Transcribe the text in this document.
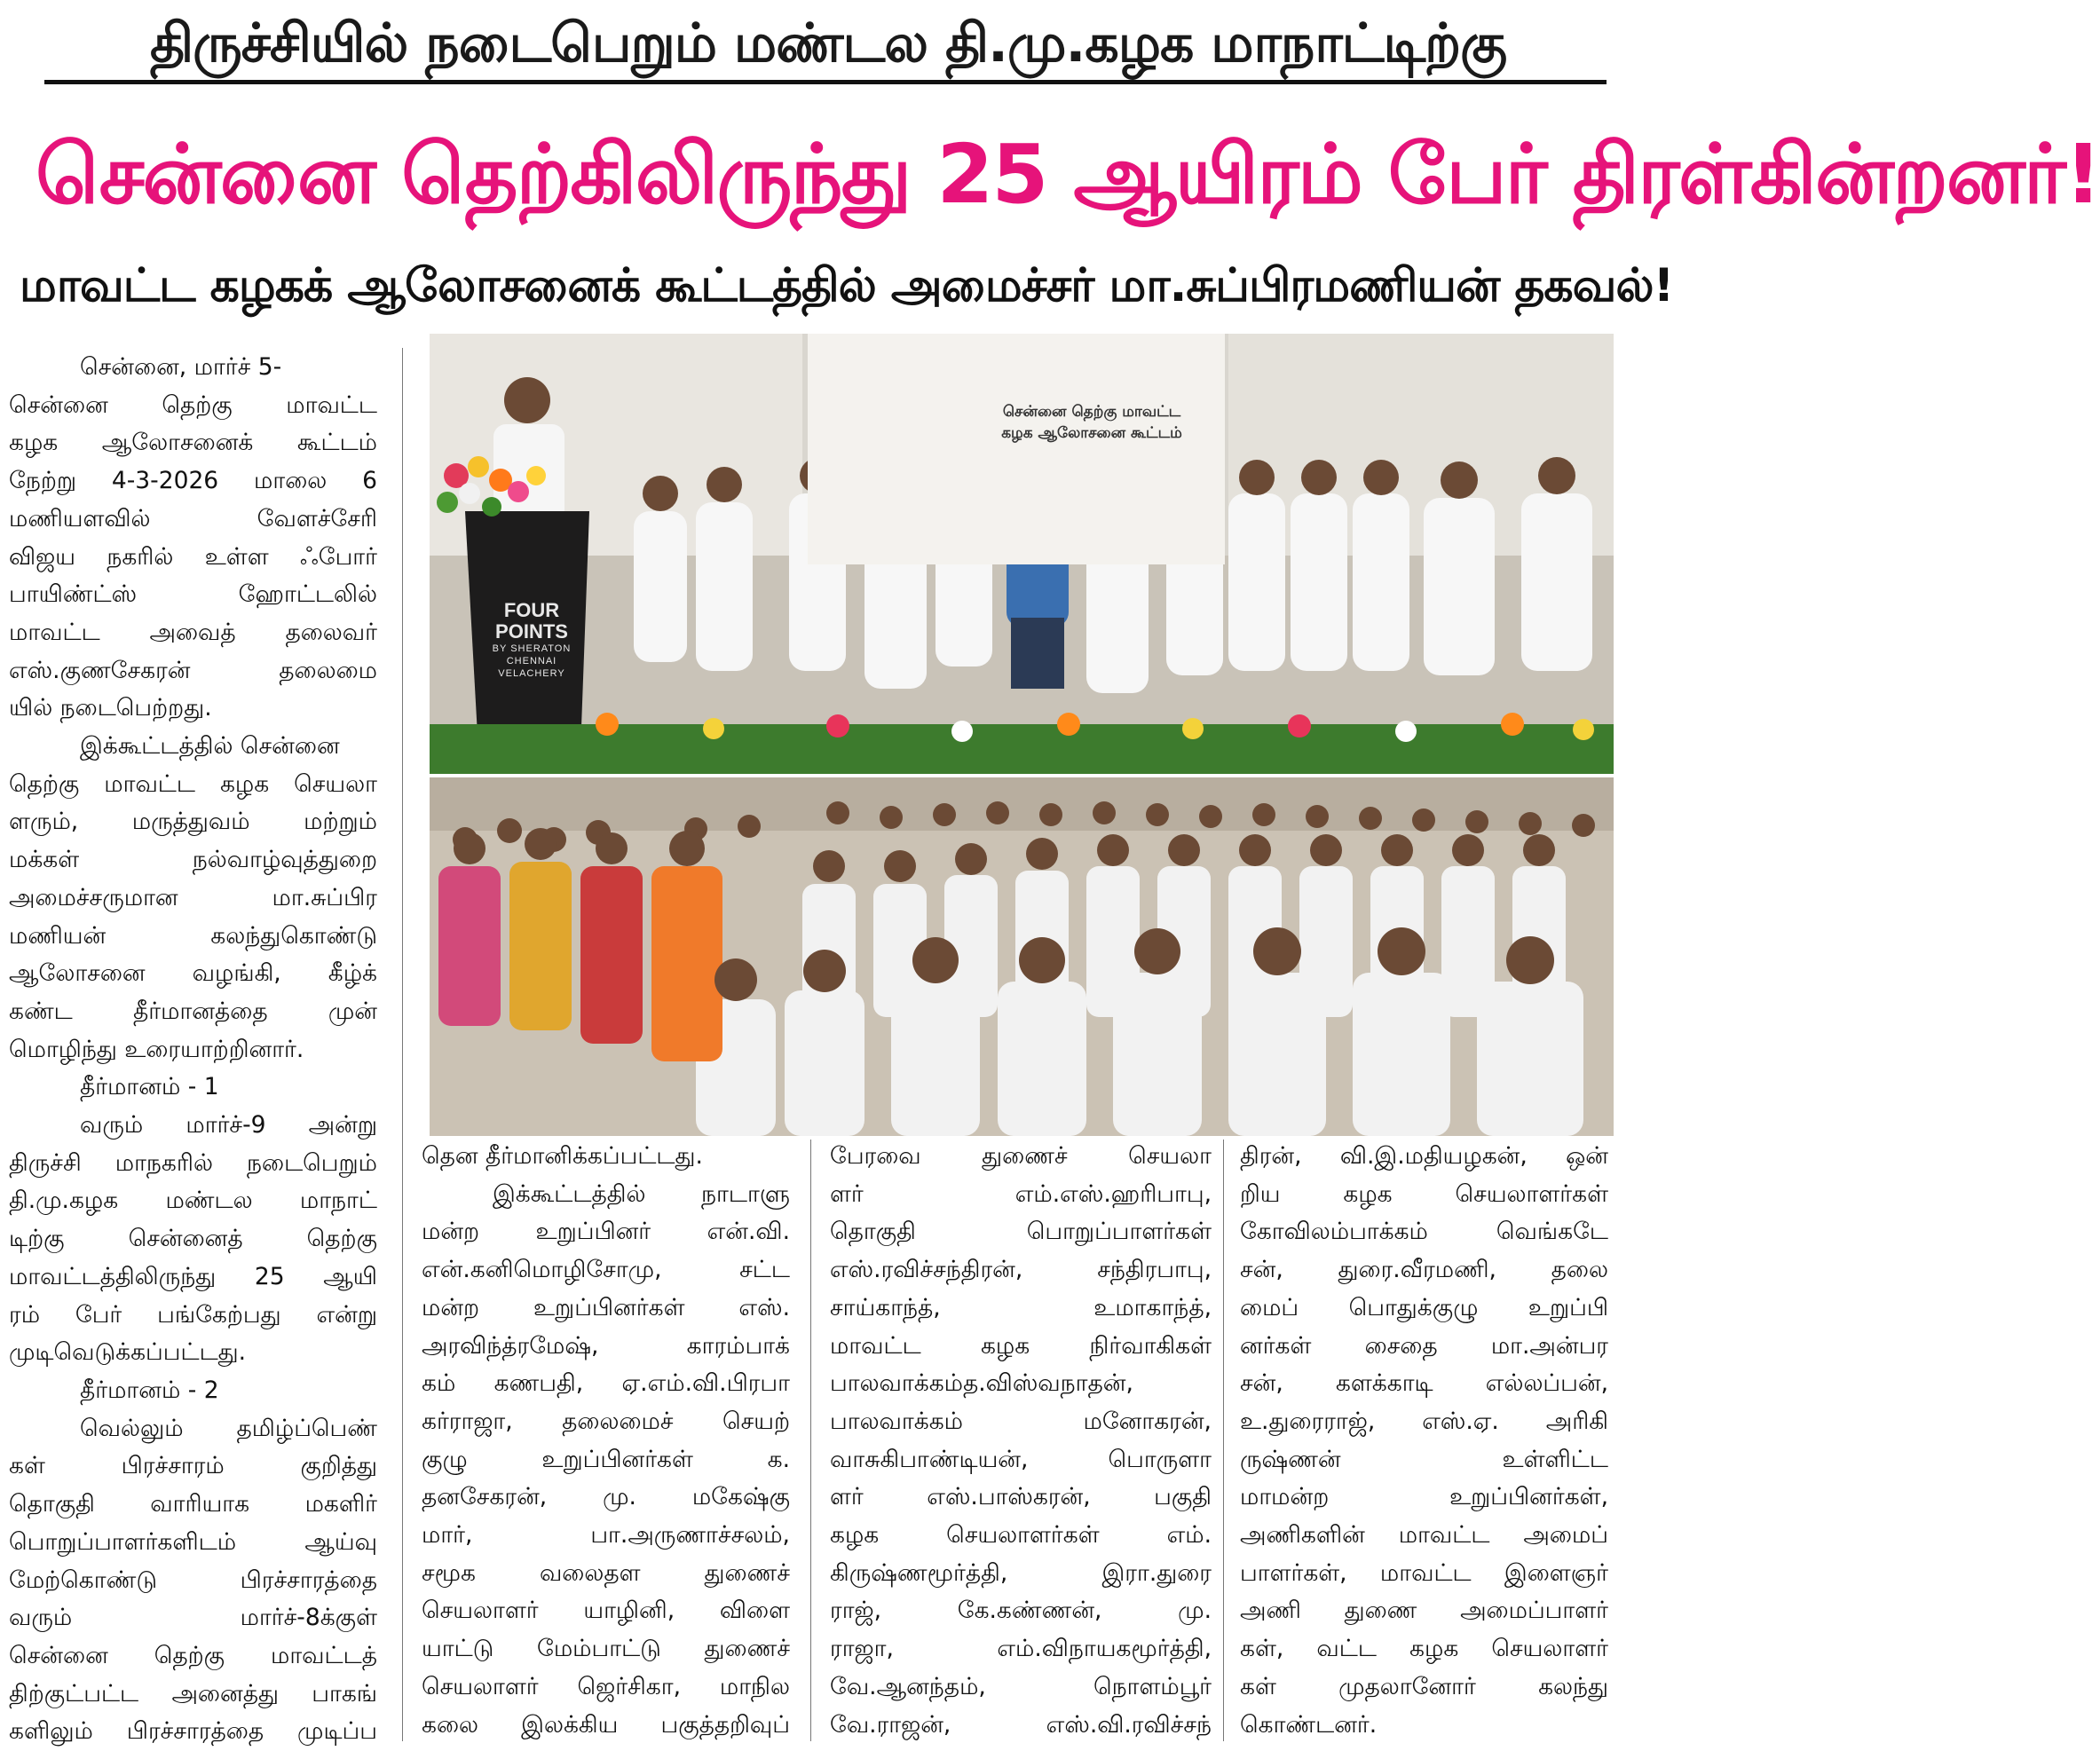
திருச்சியில் நடைபெறும் மண்டல தி.மு.கழக மாநாட்டிற்கு
சென்னை தெற்கிலிருந்து 25 ஆயிரம் பேர் திரள்கின்றனர்!
மாவட்ட கழகக் ஆலோசனைக் கூட்டத்தில் அமைச்சர் மா.சுப்பிரமணியன் தகவல்!
சென்னை தெற்கு மாவட்ட
கழக ஆலோசனை கூட்டம்
FOUR
POINTS
BY SHERATON
CHENNAI VELACHERY

சென்னை, மார்ச் 5-

சென்னை தெற்கு மாவட்ட

கழக ஆலோசனைக் கூட்டம்

நேற்று 4-3-2026 மாலை 6

மணியளவில் வேளச்சேரி

விஜய நகரில் உள்ள ஃபோர்

பாயிண்ட்ஸ் ஹோட்டலில்

மாவட்ட அவைத் தலைவர்

எஸ்.குணசேகரன் தலைமை

யில் நடைபெற்றது.

இக்கூட்டத்தில் சென்னை

தெற்கு மாவட்ட கழக செயலா

ளரும், மருத்துவம் மற்றும்

மக்கள் நல்வாழ்வுத்துறை

அமைச்சருமான மா.சுப்பிர

மணியன் கலந்துகொண்டு

ஆலோசனை வழங்கி, கீழ்க்

கண்ட தீர்மானத்தை முன்

மொழிந்து உரையாற்றினார்.

தீர்மானம் - 1

வரும் மார்ச்-9 அன்று

திருச்சி மாநகரில் நடைபெறும்

தி.மு.கழக மண்டல மாநாட்

டிற்கு சென்னைத் தெற்கு

மாவட்டத்திலிருந்து 25 ஆயி

ரம் பேர் பங்கேற்பது என்று

முடிவெடுக்கப்பட்டது.

தீர்மானம் - 2

வெல்லும் தமிழ்ப்பெண்

கள் பிரச்சாரம் குறித்து

தொகுதி வாரியாக மகளிர்

பொறுப்பாளர்களிடம் ஆய்வு

மேற்கொண்டு பிரச்சாரத்தை

வரும் மார்ச்-8க்குள்

சென்னை தெற்கு மாவட்டத்

திற்குட்பட்ட அனைத்து பாகங்

களிலும் பிரச்சாரத்தை முடிப்ப

தென தீர்மானிக்கப்பட்டது.

இக்கூட்டத்தில் நாடாளு

மன்ற உறுப்பினர் என்.வி.

என்.கனிமொழிசோமு, சட்ட

மன்ற உறுப்பினர்கள் எஸ்.

அரவிந்த்ரமேஷ், காரம்பாக்

கம் கணபதி, ஏ.எம்.வி.பிரபா

கர்ராஜா, தலைமைச் செயற்

குழு உறுப்பினர்கள் க.

தனசேகரன், மு. மகேஷ்கு

மார், பா.அருணாச்சலம்,

சமூக வலைதள துணைச்

செயலாளர் யாழினி, விளை

யாட்டு மேம்பாட்டு துணைச்

செயலாளர் ஜெர்சிகா, மாநில

கலை இலக்கிய பகுத்தறிவுப்

பேரவை துணைச் செயலா

ளர் எம்.எஸ்.ஹரிபாபு,

தொகுதி பொறுப்பாளர்கள்

எஸ்.ரவிச்சந்திரன், சந்திரபாபு,

சாய்காந்த், உமாகாந்த்,

மாவட்ட கழக நிர்வாகிகள்

பாலவாக்கம்த.விஸ்வநாதன்,

பாலவாக்கம் மனோகரன்,

வாசுகிபாண்டியன், பொருளா

ளர் எஸ்.பாஸ்கரன், பகுதி

கழக செயலாளர்கள் எம்.

கிருஷ்ணமூர்த்தி, இரா.துரை

ராஜ், கே.கண்ணன், மு.

ராஜா, எம்.விநாயகமூர்த்தி,

வே.ஆனந்தம், நொளம்பூர்

வே.ராஜன், எஸ்.வி.ரவிச்சந்

திரன், வி.இ.மதியழகன், ஒன்

றிய கழக செயலாளர்கள்

கோவிலம்பாக்கம் வெங்கடே

சன், துரை.வீரமணி, தலை

மைப் பொதுக்குழு உறுப்பி

னர்கள் சைதை மா.அன்பர

சன், களக்காடி எல்லப்பன்,

உ.துரைராஜ், எஸ்.ஏ. அரிகி

ருஷ்ணன் உள்ளிட்ட

மாமன்ற உறுப்பினர்கள்,

அணிகளின் மாவட்ட அமைப்

பாளர்கள், மாவட்ட இளைஞர்

அணி துணை அமைப்பாளர்

கள், வட்ட கழக செயலாளர்

கள் முதலானோர் கலந்து

கொண்டனர்.
